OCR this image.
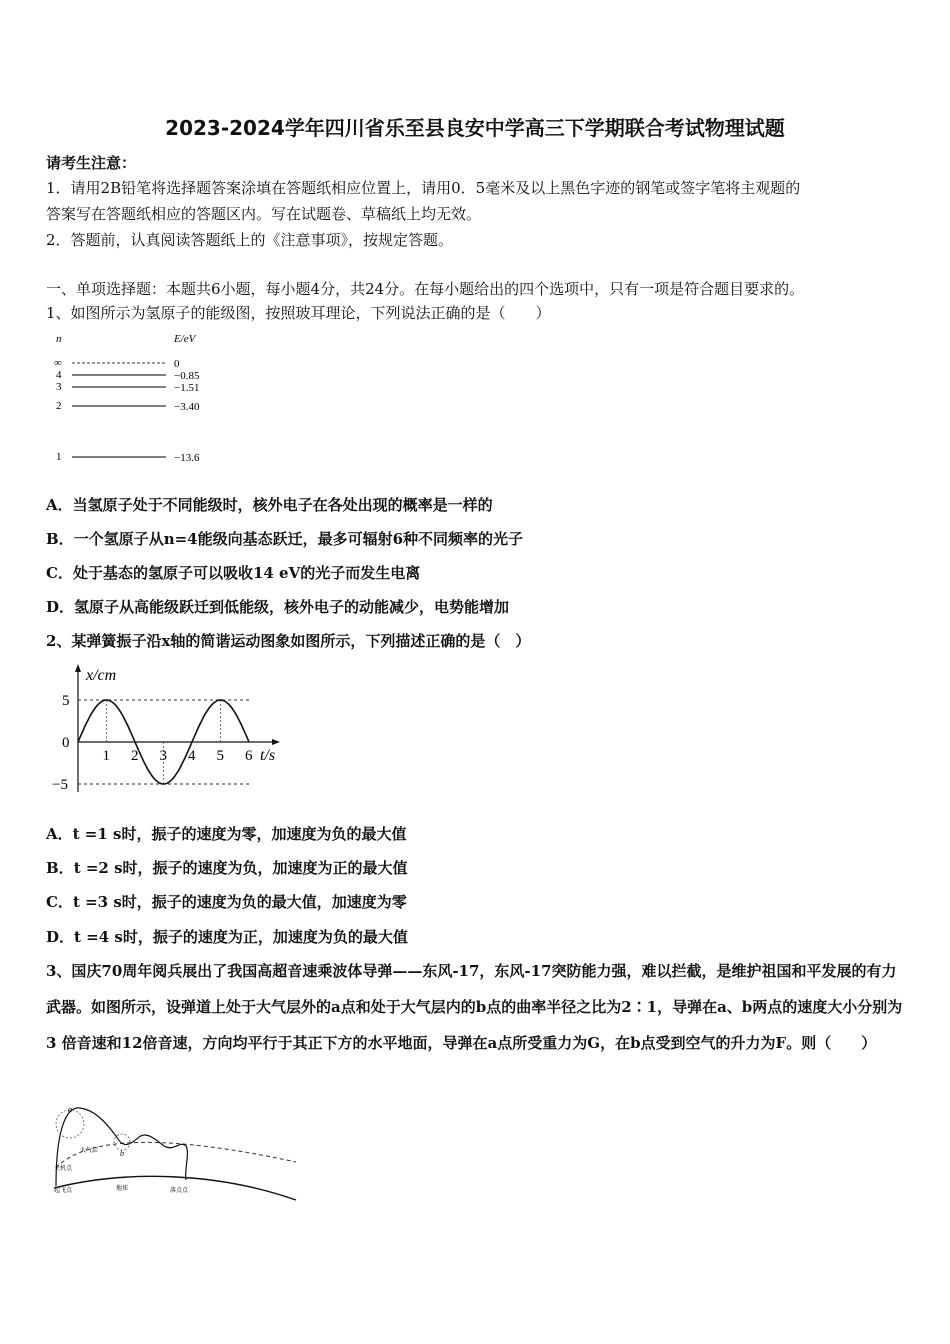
2023-2024学年四川省乐至县良安中学高三下学期联合考试物理试题
请考生注意：
1．请用2B铅笔将选择题答案涂填在答题纸相应位置上，请用0．5毫米及以上黑色字迹的钢笔或签字笔将主观题的
答案写在答题纸相应的答题区内。写在试题卷、草稿纸上均无效。
2．答题前，认真阅读答题纸上的《注意事项》，按规定答题。
一、单项选择题：本题共6小题，每小题4分，共24分。在每小题给出的四个选项中，只有一项是符合题目要求的。
1、如图所示为氢原子的能级图，按照玻耳理论，下列说法正确的是（　　）
n	E/eV
∞	0
4	−0.85
3	−1.51
2	−3.40
1	−13.6
A．当氢原子处于不同能级时，核外电子在各处出现的概率是一样的
B．一个氢原子从n=4能级向基态跃迁，最多可辐射6种不同频率的光子
C．处于基态的氢原子可以吸收14 eV的光子而发生电离
D．氢原子从高能级跃迁到低能级，核外电子的动能减少，电势能增加
2、某弹簧振子沿x轴的简谐运动图象如图所示，下列描述正确的是（　）
x/cm
t/s
1 2 3 4 5 6
5
0
−5
A．t =1 s时，振子的速度为零，加速度为负的最大值
B．t =2 s时，振子的速度为负，加速度为正的最大值
C．t =3 s时，振子的速度为负的最大值，加速度为零
D．t =4 s时，振子的速度为正，加速度为负的最大值
3、国庆70周年阅兵展出了我国高超音速乘波体导弹——东风-17，东风-17突防能力强，难以拦截，是维护祖国和平发展的有力武器。如图所示，设弹道上处于大气层外的a点和处于大气层内的b点的曲率半径之比为2∶1，导弹在a、b两点的速度大小分别为3 倍音速和12倍音速，方向均平行于其正下方的水平地面，导弹在a点所受重力为G，在b点受到空气的升力为F。则（　　）
a
b
大气层
关机点
起飞点	地球	落点点
